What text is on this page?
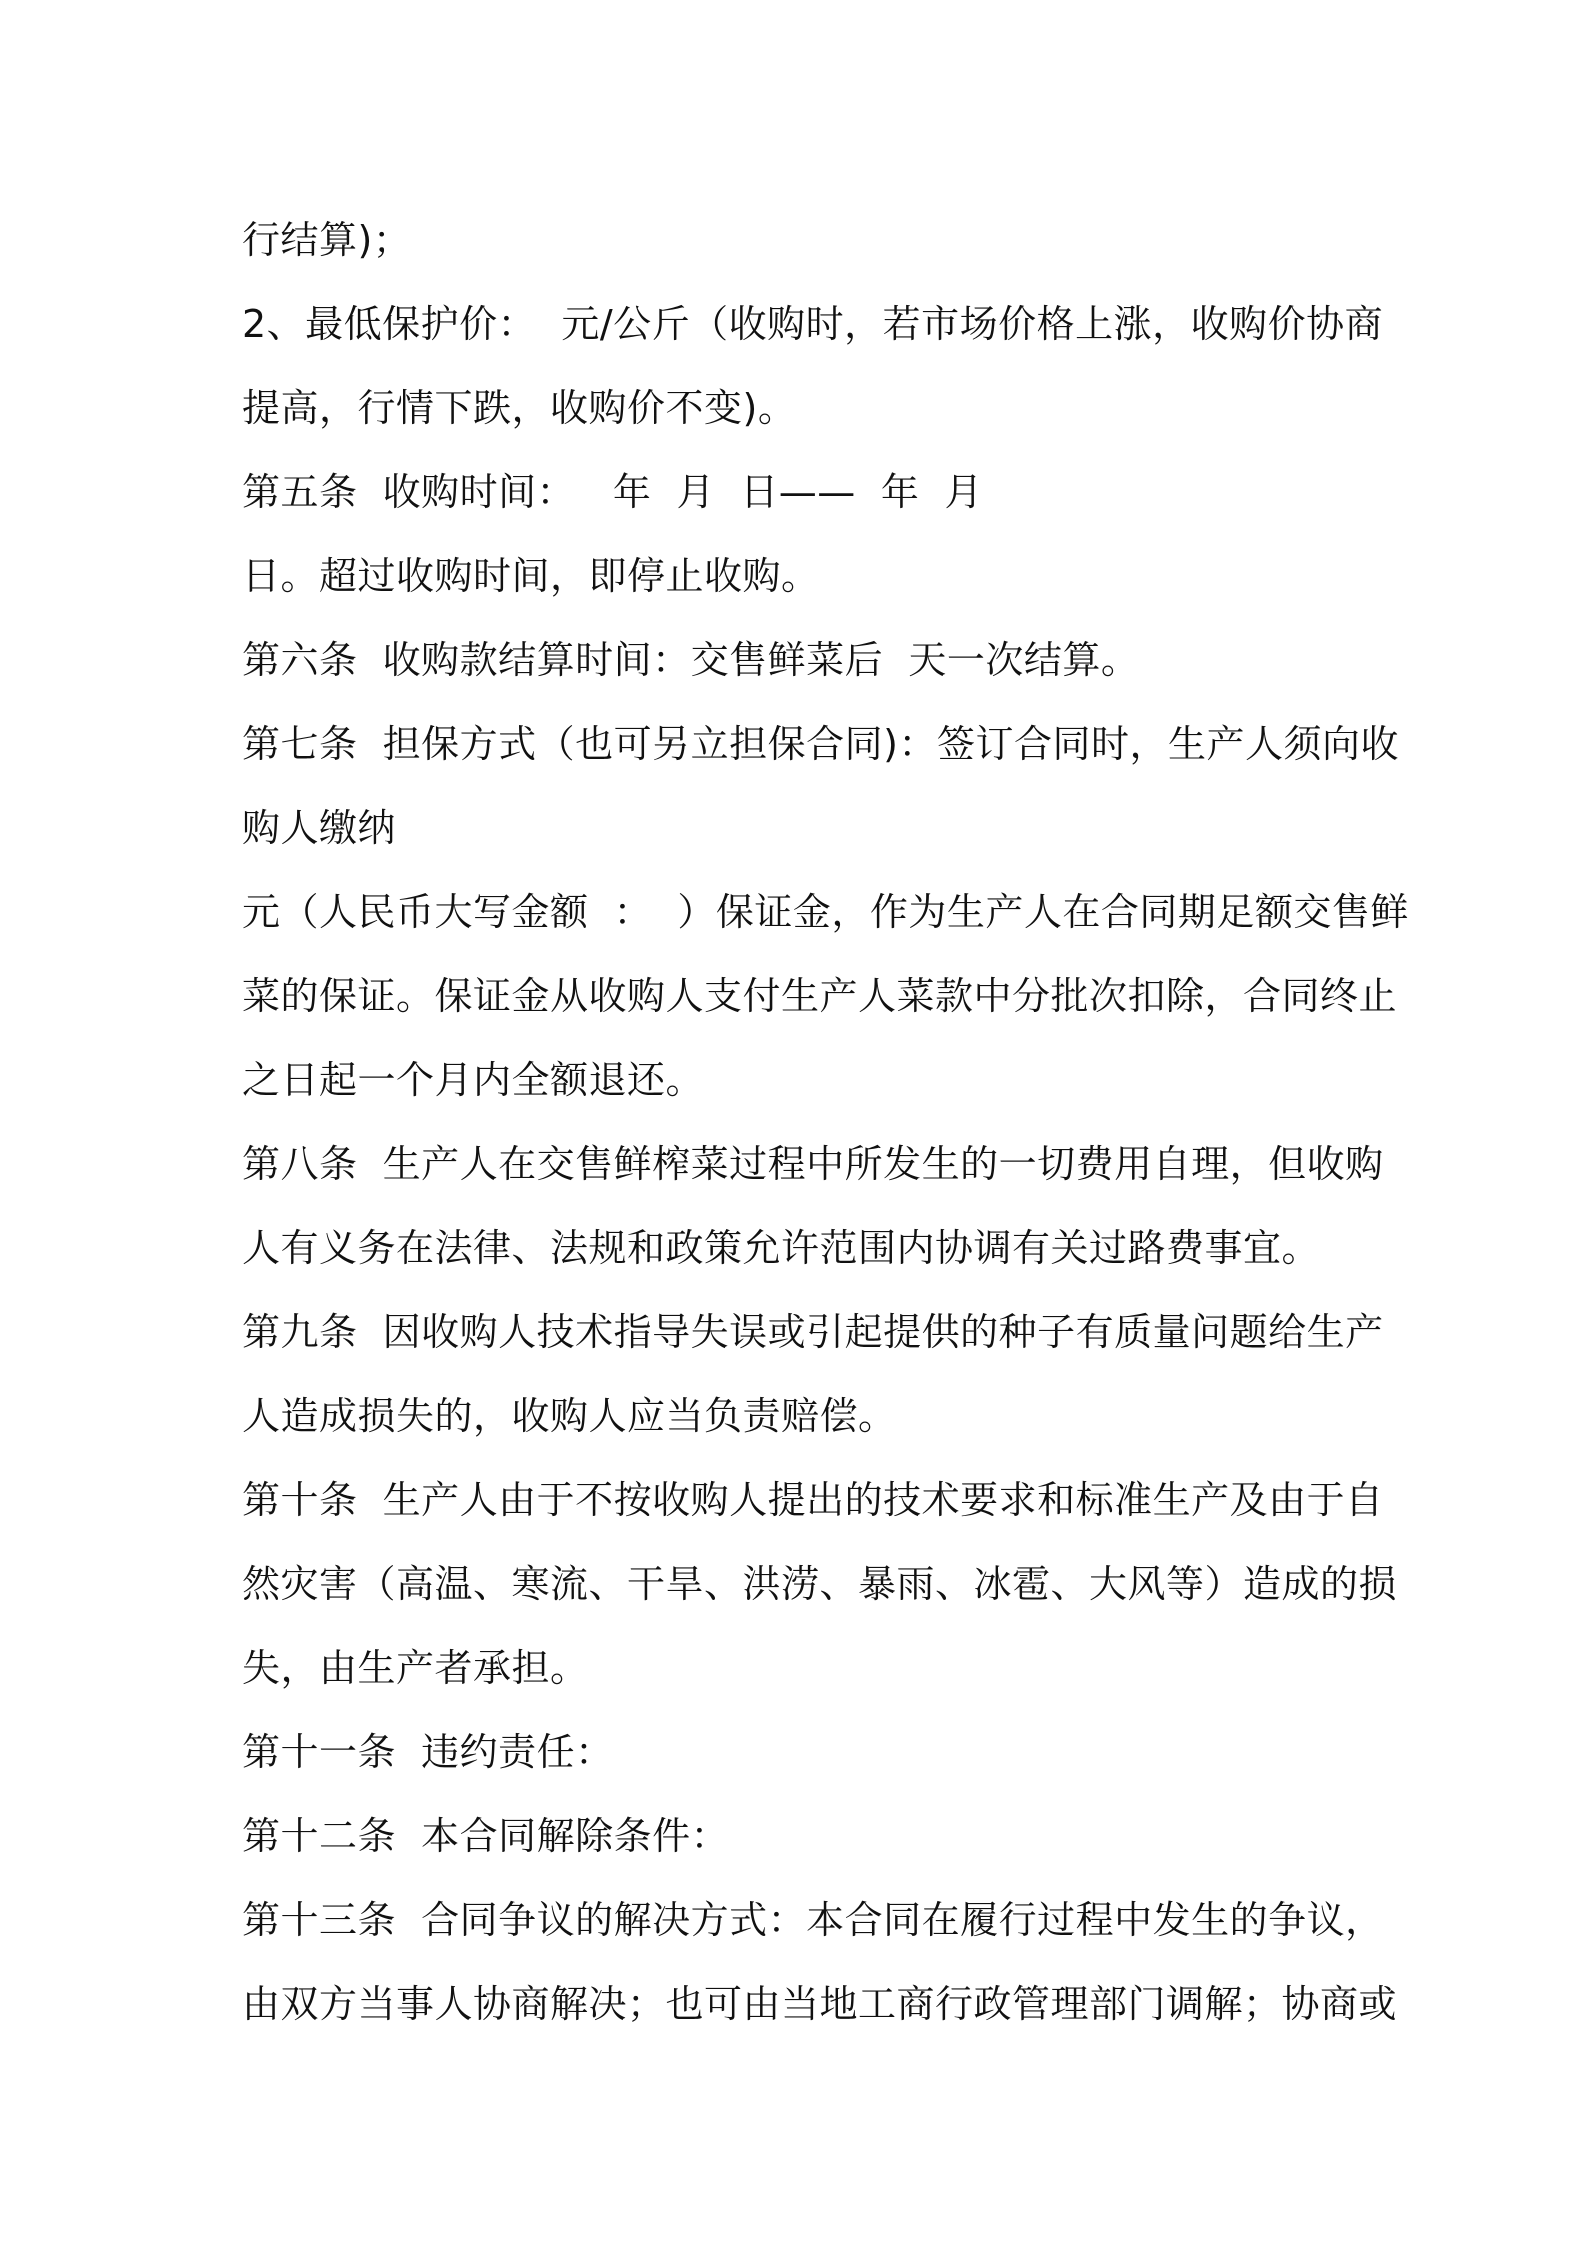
行结算)；
2、最低保护价：  元/公斤（收购时，若市场价格上涨，收购价协商
提高，行情下跌，收购价不变)。
第五条  收购时间：   年  月  日——  年  月
日。超过收购时间，即停止收购。
第六条  收购款结算时间：交售鲜菜后  天一次结算。
第七条  担保方式（也可另立担保合同)：签订合同时，生产人须向收
购人缴纳
元（人民币大写金额  ：  ）保证金，作为生产人在合同期足额交售鲜
菜的保证。保证金从收购人支付生产人菜款中分批次扣除，合同终止
之日起一个月内全额退还。
第八条  生产人在交售鲜榨菜过程中所发生的一切费用自理，但收购
人有义务在法律、法规和政策允许范围内协调有关过路费事宜。
第九条  因收购人技术指导失误或引起提供的种子有质量问题给生产
人造成损失的，收购人应当负责赔偿。
第十条  生产人由于不按收购人提出的技术要求和标准生产及由于自
然灾害（高温、寒流、干旱、洪涝、暴雨、冰雹、大风等）造成的损
失，由生产者承担。
第十一条  违约责任：
第十二条  本合同解除条件：
第十三条  合同争议的解决方式：本合同在履行过程中发生的争议，
由双方当事人协商解决；也可由当地工商行政管理部门调解；协商或
